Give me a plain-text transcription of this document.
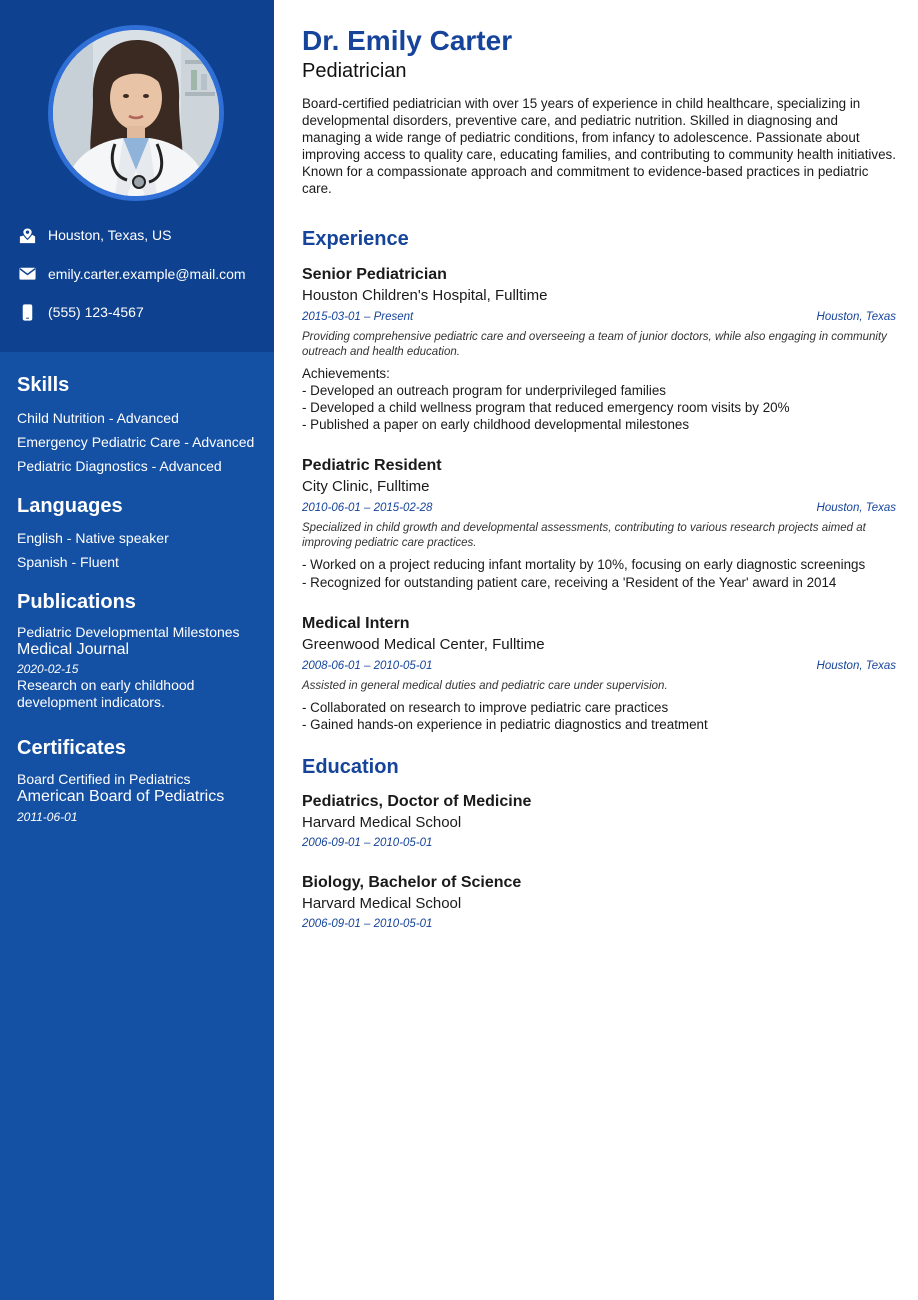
Houston, Texas, US
emily.carter.example@mail.com
(555) 123-4567
Skills
Child Nutrition - Advanced
Emergency Pediatric Care - Advanced
Pediatric Diagnostics - Advanced
Languages
English - Native speaker
Spanish - Fluent
Publications
Pediatric Developmental Milestones
Medical Journal
2020-02-15
Research on early childhood development indicators.
Certificates
Board Certified in Pediatrics
American Board of Pediatrics
2011-06-01
Dr. Emily Carter
Pediatrician

Board-certified pediatrician with over 15 years of experience in child healthcare, specializing in developmental disorders, preventive care, and pediatric nutrition. Skilled in diagnosing and managing a wide range of pediatric conditions, from infancy to adolescence. Passionate about improving access to quality care, educating families, and contributing to community health initiatives. Known for a compassionate approach and commitment to evidence-based practices in pediatric care.

Experience
Senior Pediatrician
Houston Children's Hospital, Fulltime
2015-03-01 – Present	Houston, Texas
Providing comprehensive pediatric care and overseeing a team of junior doctors, while also engaging in community outreach and health education.
Achievements:
- Developed an outreach program for underprivileged families
- Developed a child wellness program that reduced emergency room visits by 20%
- Published a paper on early childhood developmental milestones
Pediatric Resident
City Clinic, Fulltime
2010-06-01 – 2015-02-28	Houston, Texas
Specialized in child growth and developmental assessments, contributing to various research projects aimed at improving pediatric care practices.
- Worked on a project reducing infant mortality by 10%, focusing on early diagnostic screenings
- Recognized for outstanding patient care, receiving a 'Resident of the Year' award in 2014
Medical Intern
Greenwood Medical Center, Fulltime
2008-06-01 – 2010-05-01	Houston, Texas
Assisted in general medical duties and pediatric care under supervision.
- Collaborated on research to improve pediatric care practices
- Gained hands-on experience in pediatric diagnostics and treatment
Education
Pediatrics, Doctor of Medicine
Harvard Medical School
2006-09-01 – 2010-05-01
Biology, Bachelor of Science
Harvard Medical School
2006-09-01 – 2010-05-01
